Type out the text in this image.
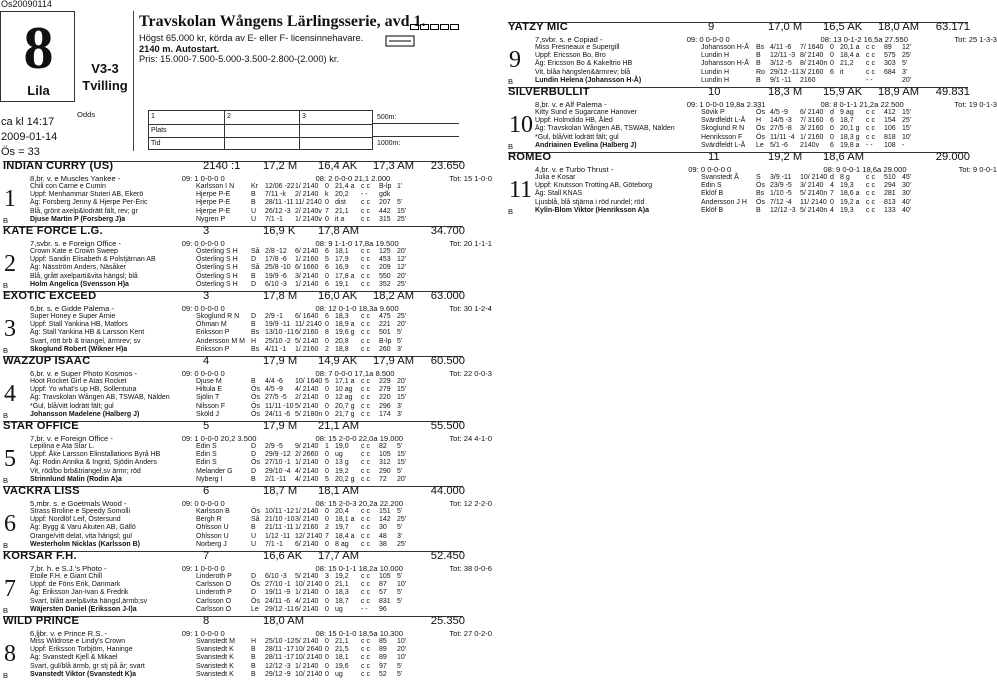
Ös20090114
8
Lila
V3-3
Tvilling
Travskolan Wångens Lärlingsserie, avd 1.
Högst 65.000 kr, körda av E- eller F- licensinnehavare.
2140 m. Autostart.
Pris: 15.000-7.500-5.000-3.500-2.800-(2.000) kr.
ca kl 14:17
2009-01-14
Ös = 33
Odds	1	2	3
Plats
Tid
500m:
1000m:
INDIAN CURRY (US)	2140 :1	17,2 M	16,4 AK	17,3 AM	23.650
8,br. v. e Muscles Yankee -	09: 1 0-0-0 0	08: 2 0-0-0 21,1 2.000	Tot: 15 1-0-0
1 Chili con Carne e Cumin	Karlsson I N	Kr	12/06 -22 1/ 2140 0 21,4 a c c	B-lp 1'
Uppf: Menhammar Stuteri AB, Ekerö	Hjerpe P-E	B	7/11 -k	2/ 2140 k 20,2	- -	gdk
Äg: Forsberg Jenny & Hjerpe Per-Eric	Hjerpe P-E	B	28/11 -11 11/ 2140 0 dist	c c	207 5'
Blå, grönt axelp&lodrätt fält, rev; gr	Hjerpe P-E	U	26/12 -3 2/ 2140v 7 21,1	c c	442 15'
Djuse Martin P (Forsberg J)a	Nygren P	U	7/1 -1	1/ 2140v 0 it a	c c	315 25'
B
KATE FORCE L.G.	3	16,9 K	17,8 AM	34.700
7,svbr. s. e Foreign Office -	09: 0 0-0-0 0	08: 9 1-1-0 17,8a 19.500	Tot: 20 1-1-1
2 Crown Kate e Crown Sweep	Österling S H	Så 2/8 -12	6/ 2140 6 18,1	c c	125 20'
Uppf: Sandin Elisabeth & Polstjärnan AB	Österling S H	D	17/8 -6	1/ 2160 5 17,9	c c	453 12'
Äg: Näsström Anders, Näsåker	Österling S H	Så 25/8 -10 6/ 1660 6 16,9	c c	209 12'
Blå, grått axelparti&vita hängsl; blå	Österling S H	B	19/9 -6	3/ 2140 0 17,8 a c c	550 20'
Holm Angelica (Svensson H)a	Österling S H	D	6/10 -3	1/ 2140 6 19,1	c c	352 25'
B
EXOTIC EXCEED	3	17,8 M	16,0 AK	18,2 AM	63.000
6,br. s. e Gidde Palema -	09: 0 0-0-0 0	08: 12 0-1-0 18,3a 9.600	Tot: 30 1-2-4
3 Super Honey e Super Arnie	Skoglund R N	D	2/9 -1	6/ 1640 6 18,3	c c	475 25'
Uppf: Stall Yankina HB, Matfors	Öhman M	B	19/9 -11 11/ 2140 0 18,9 a c c	221 20'
Äg: Stall Yankina HB & Larsson Kent	Eriksson P	Bs 13/10 -11 6/ 2160 8 19,6 g c c	501 5'
Svart, rött brb & triangel, ärmrev; sv	Andersson M M H	25/10 -2 5/ 2140 0 20,8	c c	B-lp 5'
Skoglund Robert (Wikner H)a	Eriksson P	Bs 4/11 -1	1/ 2160 2 18,8	c c	260 3'
B
WAZZUP ISAAC	4	17,9 M	14,9 AK	17,9 AM	60.500
6,br. v. e Super Photo Kosmos -	09: 0 0-0-0 0	08: 7 0-0-0 17,1a 8.500	Tot: 22 0-0-3
4 Hoot Rocket Girl e Atas Rocket	Djuse M	B	4/4 -6	10/ 1640 5 17,1 a c c	229 20'
Uppf: Yo what's up HB, Sollentuna	Hiltula E	Ös 4/5 -9	4/ 2140 0 10 ag	c c	279 15'
Äg: Travskolan Wången AB, TSWAB, Nälden	Sjölin T	Ös 27/5 -5	2/ 2140 0 12 ag	c c	220 15'
*Gul, blå/vitt lodrätt fält; gul	Nilsson F	Ös 11/11 -10 5/ 2140 0 20,7 g c c	296 3'
Johansson Madelene (Halberg J)	Sköld J	Ös 24/11 -6 5/ 2180n 0 21,7 g c c	174 3'
B
STAR OFFICE	5	17,9 M	21,1 AM	55.500
7,br. v. e Foreign Office -	09: 1 0-0-0 20,2 3.500	08: 15 2-0-0 22,0a 19.000	Tot: 24 4-1-0
5 Lepilina e Ata Star L.	Edin S	D	2/9 -5	9/ 2140 1 19,0	c c	82	5'
Uppf: Åke Larsson Elinstallations Byrå HB	Edin S	D	29/9 -12 2/ 2660 0 ug	c c	105 15'
Äg: Rodin Annika & Ingrid, Sjödin Anders	Edin S	Ös 27/10 -1 1/ 2140 0 13 g	c c	312 15'
Vit, röd/bo brb&triangel,sv ärmr; röd	Melander G	D	29/10 -4 4/ 2140 0 19,2	c c	290 5'
Strinnlund Malin (Rodin A)a	Nyberg I	B	2/1 -11	4/ 2140 5 20,2 g c c	72	20'
B
VACKRA LISS	6	18,7 M	18,1 AM	44.000
5,mbr. s. e Goetmals Wood -	09: 0 0-0-0 0	08: 15 2-0-3 20,2a 22.200	Tot: 12 2-2-0
6 Strass Broline e Speedy Somolli	Karlsson B	Ös 10/11 -12 1/ 2140 0 20,4	c c	151 5'
Uppf: Nordlöf Leif, Östersund	Bergh R	Så 21/10 -10 3/ 2140 0 18,1 a c c	142 25'
Äg: Bygg & Varu Akuten AB, Gällö	Ohlsson U	B	21/11 -11 1/ 2160 2 19,7	c c	30	5'
Orange/vitt delat, vita hängsl; gul	Ohlsson U	U	1/12 -11 12/ 2140 7 18,4 a c c	48	3'
Westerholm Nicklas (Karlsson B)	Norberg J	U	7/1 -1	6/ 2140 0 8 ag	c c	38	25'
B
KORSAR F.H.	7	16,6 AK	17,7 AM	52.450
7,br. h. e S.J.'s Photo -	09: 1 0-0-0 0	08: 15 0-1-1 18,2a 10.000	Tot: 38 0-0-6
7 Etoile F.H. e Giant Chill	Linderoth P	D	6/10 -3	5/ 2140 3 19,2	c c	105 5'
Uppf: de Föns Erik, Danmark	Carlsson O	Ös 27/10 -1 10/ 2140 0 21,1	c c	87	10'
Äg: Eriksson Jan-Ivan & Fredrik	Linderoth P	D	19/11 -9 1/ 2140 0 18,3	c c	57	5'
Svart, blått axelp&vita hängsl,ärmb;sv	Carlsson O	Ös 24/11 -6 4/ 2140 0 18,7	c c	831 5'
Wäjersten Daniel (Eriksson J-I)a	Carlsson O	Le 29/12 -11 6/ 2140 0 ug	- -	96
B
WILD PRINCE	8	18,0 AM	25.350
6,ljbr. v. e Prince R.S. -	09: 1 0-0-0 0	08: 15 0-1-0 18,5a 10.300	Tot: 27 0-2-0
8 Miss Wildrose e Lindy's Crown	Svanstedt M	H	25/10 -12 5/ 2140 0 21,1	c c	85	10'
Uppf: Eriksson Torbjörn, Haninge	Svanstedt K	B	28/11 -17 10/ 2640 0 21,5	c c	89	20'
Äg: Svanstedt Kjell & Mikael	Svanstedt K	B	28/11 -17 10/ 2140 0 18,1	c c	89	10'
Svart, gul/blå ärmb, gr stj på år; svart	Svanstedt K	B	12/12 -3 1/ 2140 0 19,6	c c	97	5'
Svanstedt Viktor (Svanstedt K)a	Svanstedt K	B	29/12 -9 10/ 2140 0 ug	c c	52	5'
B
YATZY MIC	9	17,0 M	16,5 AK	18,0 AM	63.171
7,svbr. s. e Copiad -	09: 0 0-0-0 0	08: 13 0-1-2 16,5a 27.550	Tot: 25 1-3-3
9 Miss Fresneaux e Supergill	Johansson H-Å	Bs 4/11 -6	7/ 1640 0 20,1 a c c	89	12'
Uppf: Ericsson Bo, Bro	Lundin H	B	12/11 -3 8/ 2140 0 18,4 a c c	575 25'
Äg: Ericsson Bo & Kakeltrio HB	Johansson H-Å	B	3/12 -5	8/ 2140n 0 21,2	c c	303 5'
Vit, blåa hängslen&ärmrev; blå	Lundin H	Ro 29/12 -11 3/ 2160 6 it	c c	684 3'
Lundin Helena (Johansson H-Å)	Lundin H	B	9/1 -11	2160	- -	20'
B
SILVERBULLIT	10	18,3 M	15,9 AK	18,9 AM	49.831
8,br. v. e Alf Palema -	09: 1 0-0-0 19,8a 2.331	08: 8 0-1-1 21,2a 22.500	Tot: 19 0-1-3
10 Kitty Sund e Sugarcane Hanover	Sövik P	Ös 4/5 -9	6/ 2140 d 9 ag	c c	412 15'
Uppf: Holmdido HB, Åled	Svärdfeldt L-Å	H	14/5 -3	7/ 3160 6 18,7	c c	154 25'
Äg: Travskolan Wången AB, TSWAB, Nälden	Skoglund R N	Ös 27/5 -8	3/ 2160 0 20,1 g c c	106 15'
*Gul, blå/vitt lodrätt fält; gul	Henriksson F	Ös 11/11 -4 1/ 2160 0 18,3 g c c	818 10'
Andriainen Evelina (Halberg J)	Svärdfeldt L-Å	Le 5/1 -6	2140v	6 19,8 a - -	108 -
B
ROMEO	11	19,2 M	18,6 AM	29.000
4,br. v. e Turbo Thrust -	09: 0 0-0-0 0	08: 9 0-0-1 18,6a 29.000	Tot: 9 0-0-1
11 Julia e Kosar	Svanstedt Å	S	3/9 -11	10/ 2140 d 8 g	c c	510 45'
Uppf: Knutsson Trotting AB, Göteborg	Edin S	Ös 23/9 -5	3/ 2140 4 19,3	c c	294 30'
Äg: Stall KNAS	Eklöf B	Bs 1/10 -5	5/ 2140n 7 18,6 a c c	281 30'
Ljusblå, blå stjärna i röd rundel; röd	Andersson J H	Ös 7/12 -4	11/ 2140 0 19,2 a c c	813 40'
Kylin-Blom Viktor (Henriksson A)a	Eklöf B	B	12/12 -3 5/ 2140n 4 19,3	c c	133 40'
B
